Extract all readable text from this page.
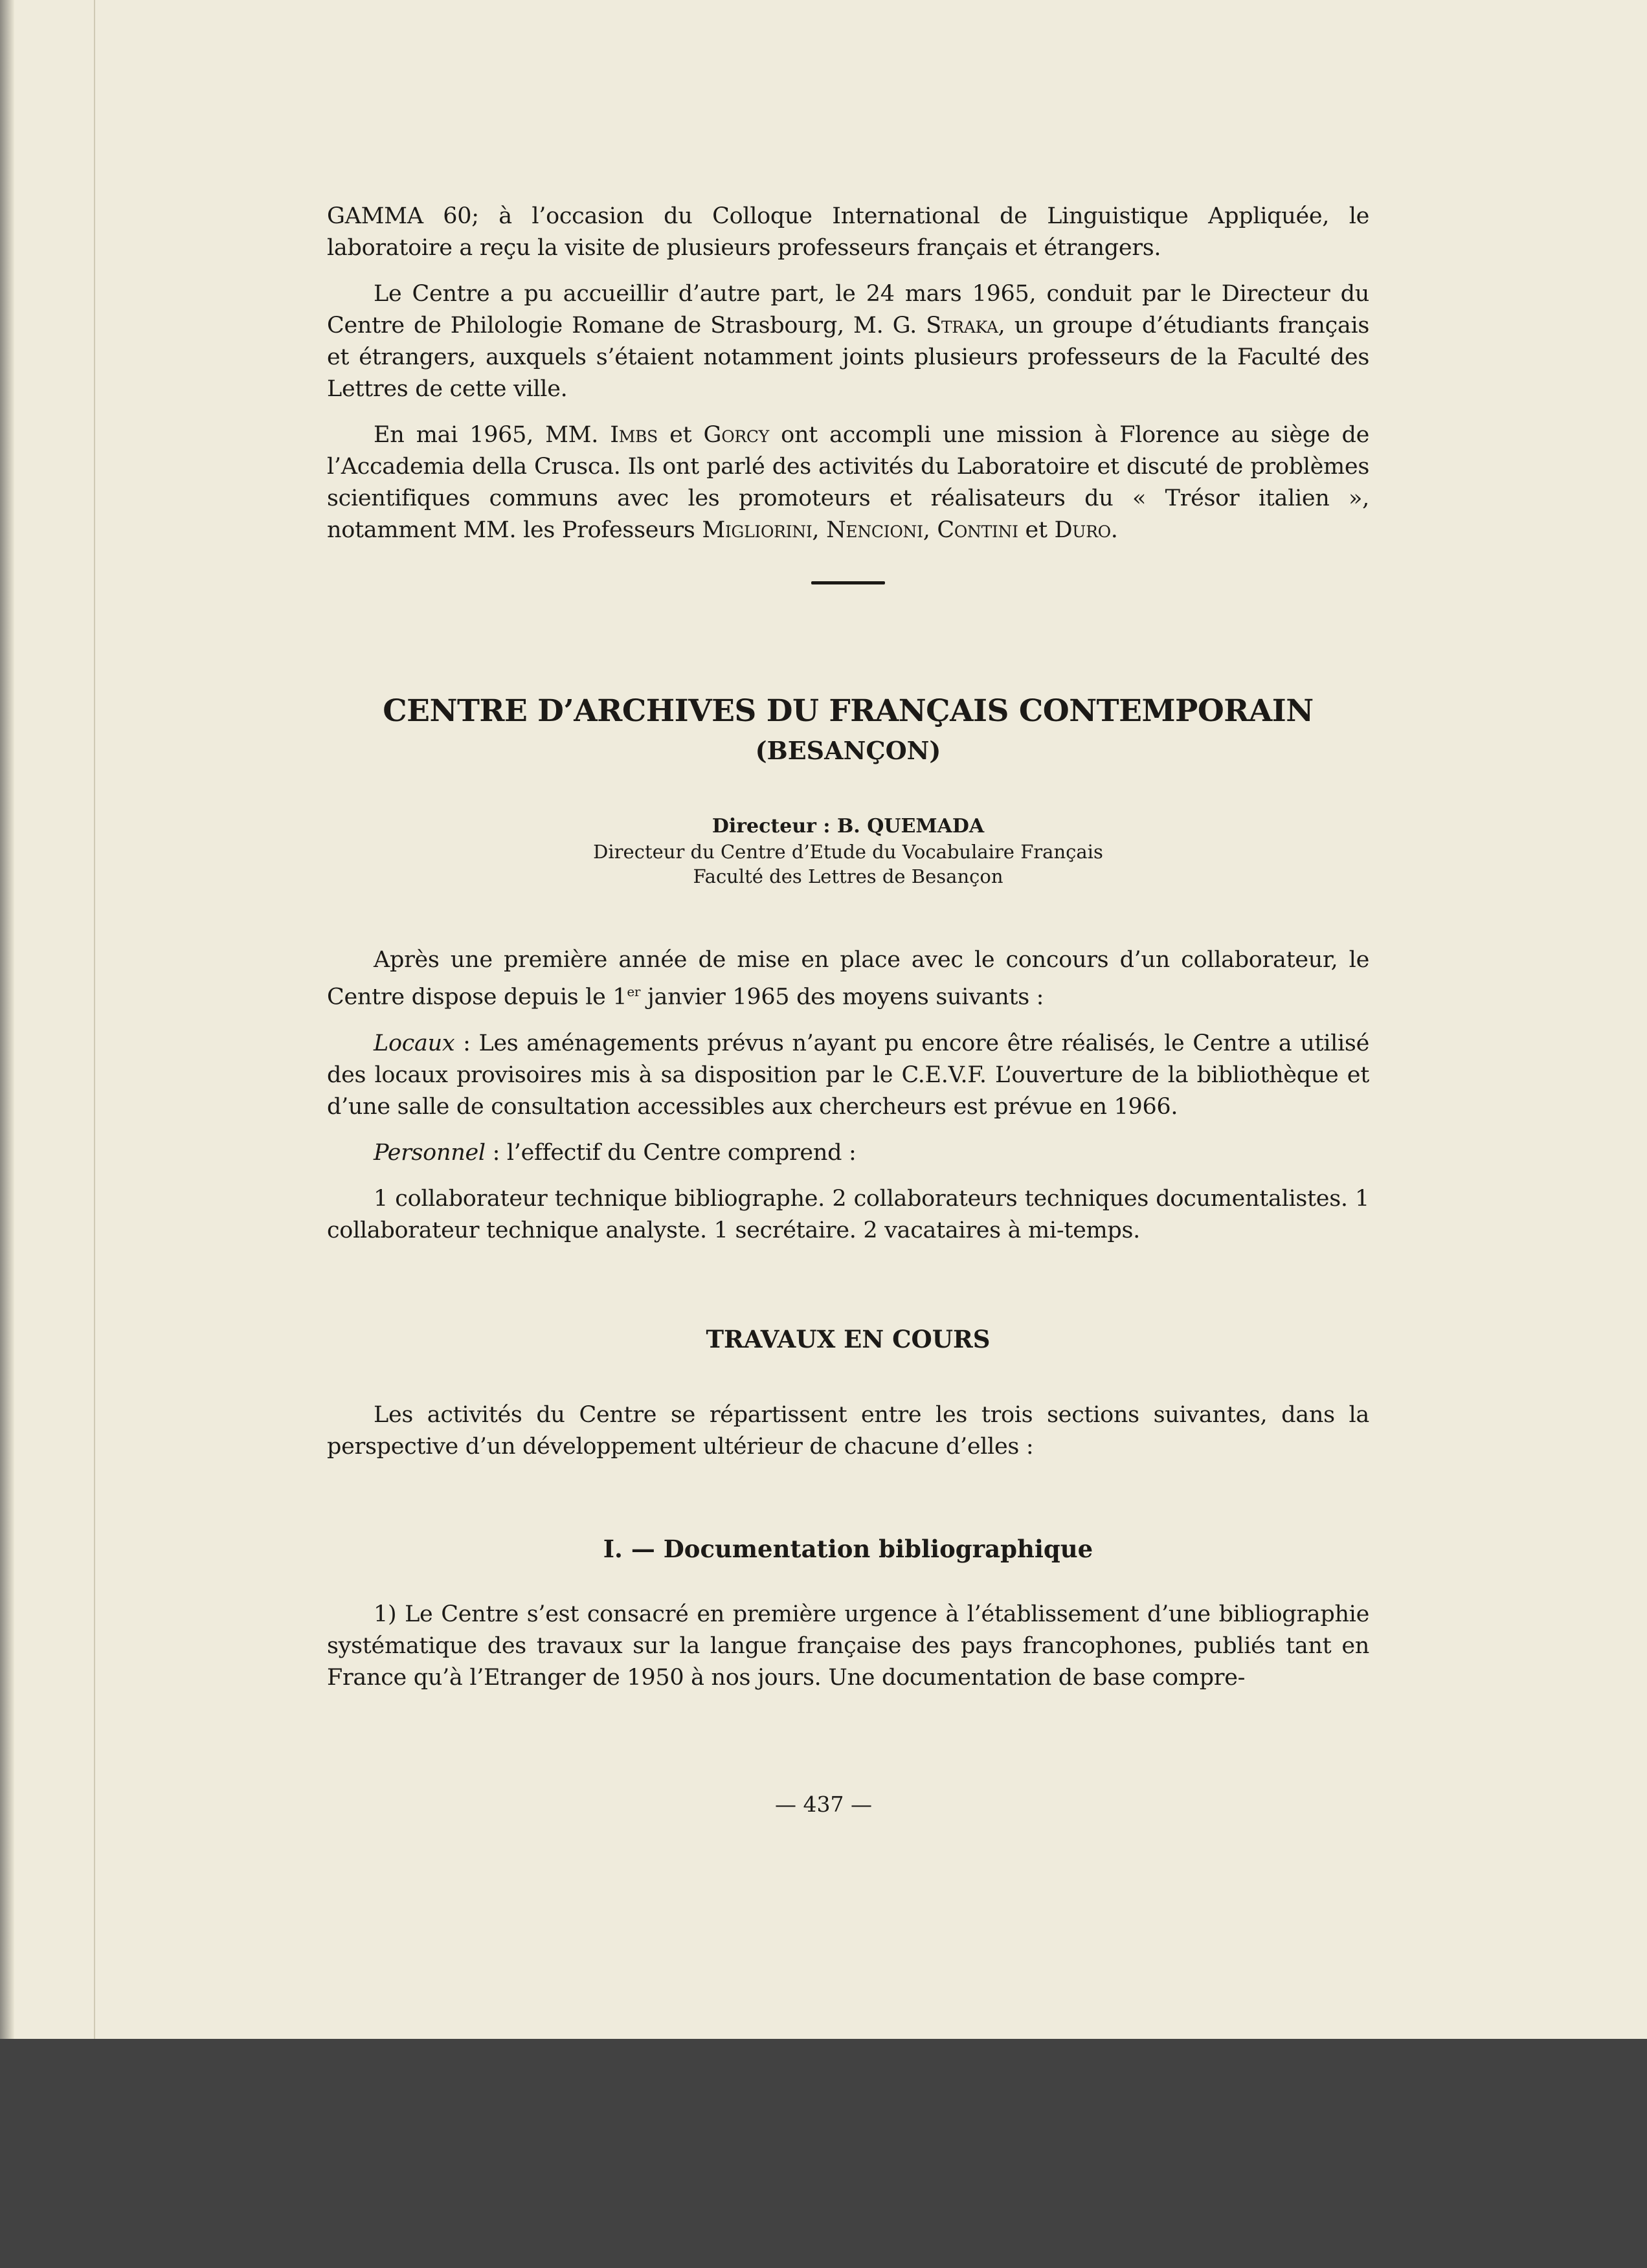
GAMMA 60; à l’occasion du Colloque International de Linguistique Appliquée, le laboratoire a reçu la visite de plusieurs professeurs français et étrangers.

Le Centre a pu accueillir d’autre part, le 24 mars 1965, conduit par le Directeur du Centre de Philologie Romane de Strasbourg, M. G. Straka, un groupe d’étudiants français et étrangers, auxquels s’étaient notamment joints plusieurs professeurs de la Faculté des Lettres de cette ville.

En mai 1965, MM. Imbs et Gorcy ont accompli une mission à Florence au siège de l’Accademia della Crusca. Ils ont parlé des activités du Laboratoire et discuté de problèmes scientifiques communs avec les promoteurs et réalisateurs du « Trésor italien », notamment MM. les Professeurs Migliorini, Nencioni, Contini et Duro.

CENTRE D’ARCHIVES DU FRANÇAIS CONTEMPORAIN
(BESANÇON)
Directeur : B. QUEMADA
Directeur du Centre d’Etude du Vocabulaire Français
Faculté des Lettres de Besançon

Après une première année de mise en place avec le concours d’un collaborateur, le Centre dispose depuis le 1er janvier 1965 des moyens suivants :

Locaux : Les aménagements prévus n’ayant pu encore être réalisés, le Centre a utilisé des locaux provisoires mis à sa disposition par le C.E.V.F. L’ouverture de la bibliothèque et d’une salle de consultation accessibles aux chercheurs est prévue en 1966.

Personnel : l’effectif du Centre comprend :

1 collaborateur technique bibliographe. 2 collaborateurs techniques documentalistes. 1 collaborateur technique analyste. 1 secrétaire. 2 vacataires à mi-temps.

TRAVAUX EN COURS

Les activités du Centre se répartissent entre les trois sections suivantes, dans la perspective d’un développement ultérieur de chacune d’elles :

I. — Documentation bibliographique

1) Le Centre s’est consacré en première urgence à l’établissement d’une bibliographie systématique des travaux sur la langue française des pays francophones, publiés tant en France qu’à l’Etranger de 1950 à nos jours. Une documentation de base compre-

— 437 —
